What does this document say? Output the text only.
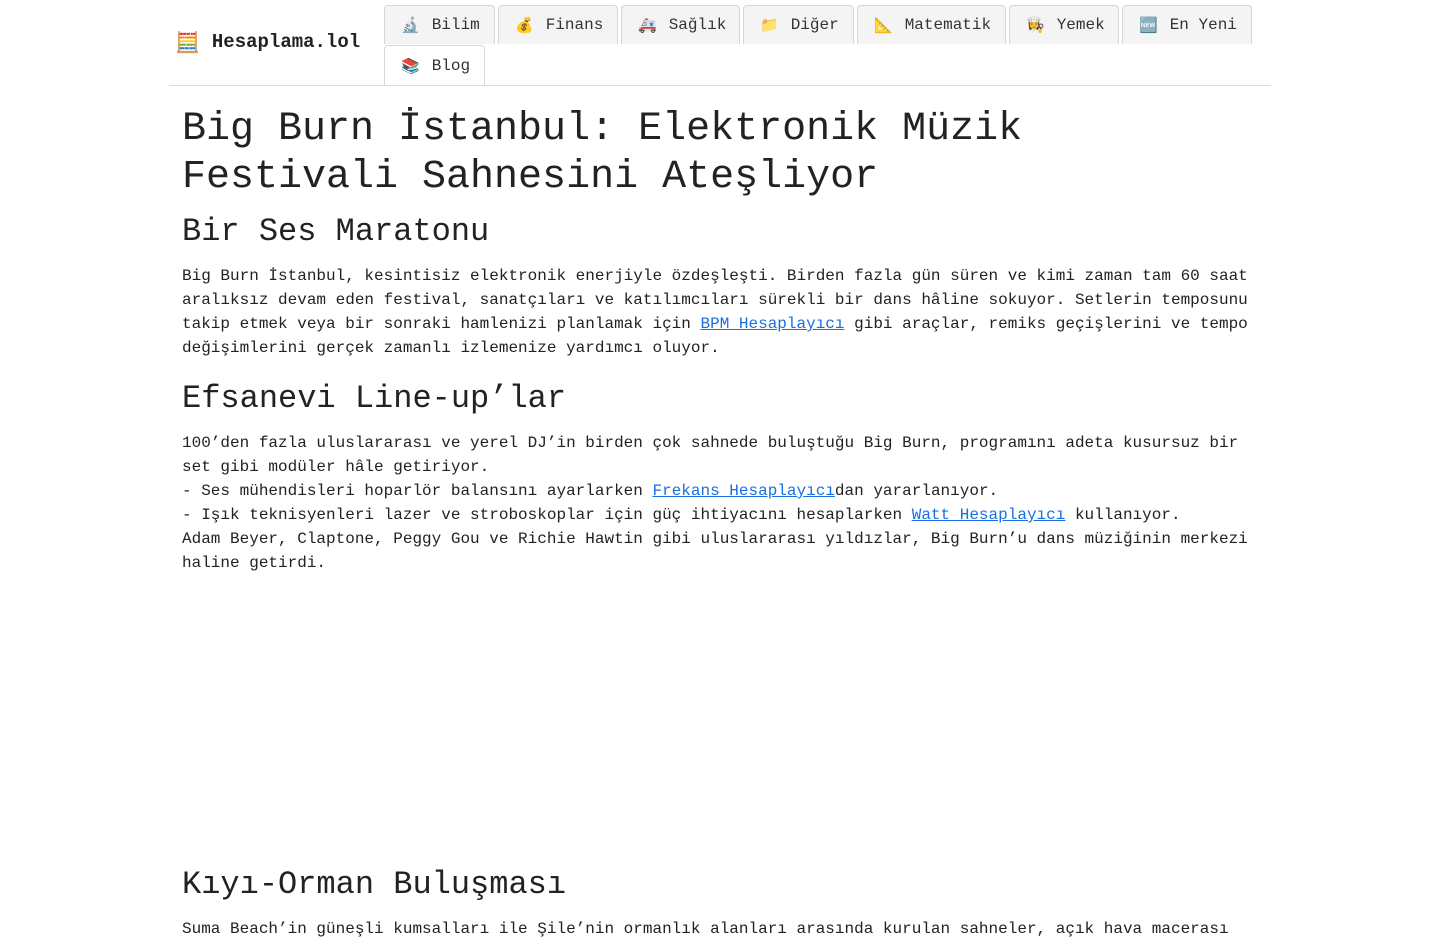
🧮 Hesaplama.lol
🔬 Bilim 💰 Finans 🚑 Sağlık 📁 Diğer 📐 Matematik 👩‍🍳 Yemek 🆕 En Yeni
📚 Blog
Big Burn İstanbul: Elektronik Müzik Festivali Sahnesini Ateşliyor
Bir Ses Maratonu

Big Burn İstanbul, kesintisiz elektronik enerjiyle özdeşleşti. Birden fazla gün süren ve kimi zaman tam 60 saat aralıksız devam eden festival, sanatçıları ve katılımcıları sürekli bir dans hâline sokuyor. Setlerin temposunu takip etmek veya bir sonraki hamlenizi planlamak için BPM Hesaplayıcı gibi araçlar, remiks geçişlerini ve tempo değişimlerini gerçek zamanlı izlemenize yardımcı oluyor.

Efsanevi Line-up’lar

100’den fazla uluslararası ve yerel DJ’in birden çok sahnede buluştuğu Big Burn, programını adeta kusursuz bir set gibi modüler hâle getiriyor.
- Ses mühendisleri hoparlör balansını ayarlarken Frekans Hesaplayıcıdan yararlanıyor.
- Işık teknisyenleri lazer ve stroboskoplar için güç ihtiyacını hesaplarken Watt Hesaplayıcı kullanıyor.
Adam Beyer, Claptone, Peggy Gou ve Richie Hawtin gibi uluslararası yıldızlar, Big Burn’u dans müziğinin merkezi haline getirdi.

Kıyı-Orman Buluşması

Suma Beach’in güneşli kumsalları ile Şile’nin ormanlık alanları arasında kurulan sahneler, açık hava macerası
